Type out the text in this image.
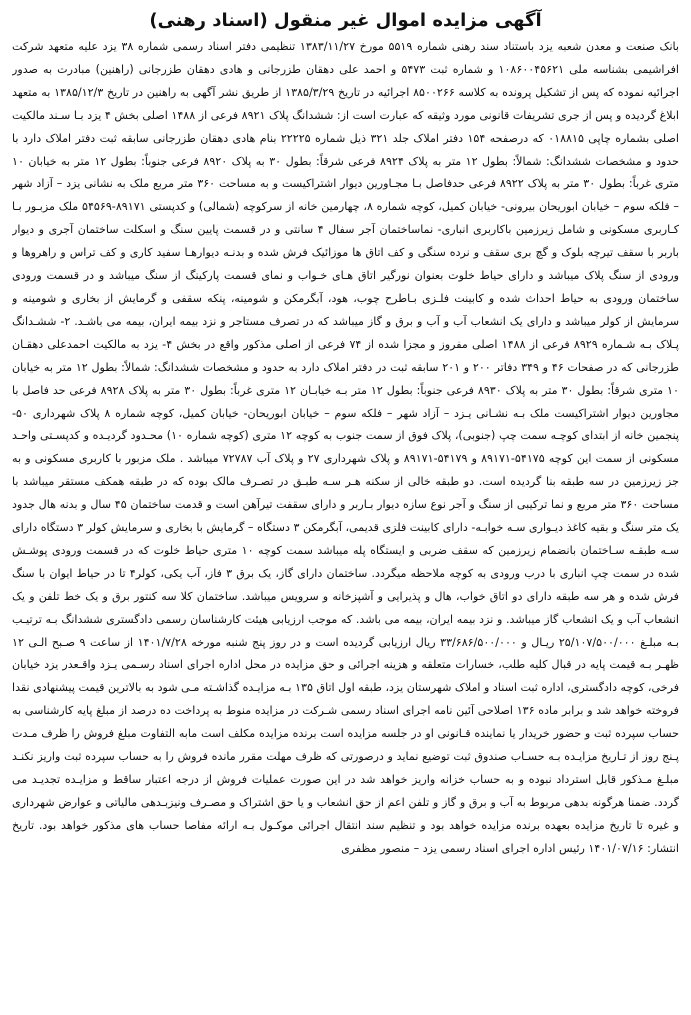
آگهی مزایده اموال غیر منقول (اسناد رهنی)

بانک صنعت و معدن شعبه یزد باستناد سند رهنی شماره ۵۵۱۹ مورخ ۱۳۸۳/۱۱/۲۷ تنظیمی دفتر اسناد رسمی شماره ۳۸ یزد علیه متعهد شرکت افراشیمی بشناسه ملی ۱۰۸۶۰۰۴۵۶۲۱ و شماره ثبت ۵۴۷۳ و احمد علی دهقان طزرجانی و هادی دهقان طزرجانی (راهنین) مبادرت به صدور اجرائیه نموده که پس از تشکیل پرونده به کلاسه ۸۵۰۰۲۶۶ اجرائیه در تاریخ ۱۳۸۵/۳/۲۹ از طریق نشر آگهی به راهنین در تاریخ ۱۳۸۵/۱۲/۳ به متعهد ابلاغ گردیده و پس از جری تشریفات قانونی مورد وثیقه که عبارت است از: ششدانگ پلاک ۸۹۲۱ فرعی از ۱۴۸۸ اصلی بخش ۴ یزد بـا سـند مالکیت اصلی بشماره چاپی ۰۱۸۸۱۵ که درصفحه ۱۵۴ دفتر املاک جلد ۳۲۱ ذیل شماره ۲۲۲۲۵ بنام هادی دهقان طزرجانی سابقه ثبت دفتر املاک دارد با حدود و مشخصات ششدانگ: شمالاً: بطول ۱۲ متر به پلاک ۸۹۲۴ فرعی شرقاً: بطول ۳۰ به پلاک ۸۹۲۰ فرعی جنوباً: بطول ۱۲ متر به خیابان ۱۰ متری غرباً: بطول ۳۰ متر به پلاک ۸۹۲۲ فرعی حدفاصل بـا مجـاورین دیوار اشتراکیست و به مساحت ۳۶۰ متر مربع ملک به نشانی یزد – آزاد شهر – فلکه سوم – خیابان ابوریحان بیرونی- خیابان کمیل، کوچه شماره ۸، چهارمین خانه از سرکوچه (شمالی) و کدپستی ۸۹۱۷۱-۵۴۵۶۹ ملک مزبـور بـا کـاربری مسکونی و شامل زیرزمین باکاربری انباری- نماساختمان آجر سفال ۴ سانتی و در قسمت پایین سنگ و اسکلت ساختمان آجری و دیوار باربر با سقف تیرچه بلوک و گچ بری سقف و نرده سنگی و کف اتاق ها موزائیک فرش شده و بدنـه دیوارهـا سفید کاری و کف تراس و راهروها و ورودی از سنگ پلاک میباشد و دارای حیاط خلوت بعنوان نورگیر اتاق هـای خـواب و نمای قسمت پارکینگ از سنگ میباشد و در قسمت ورودی ساختمان ورودی به حیاط احداث شده و کابینت فلـزی بـاطرح چوب، هود، آبگرمکن و شومینه، پنکه سقفی و گرمایش از بخاری و شومینه و سرمایش از کولر میباشد و دارای یک انشعاب آب و آب و برق و گاز میباشد که در تصرف مستاجر و نزد بیمه ایران، بیمه می باشـد. ۲- ششـدانگ پـلاک بـه شـماره ۸۹۲۹ فرعی از ۱۴۸۸ اصلی مفروز و مجزا شده از ۷۴ فرعی از اصلی مذکور واقع در بخش ۴- یزد به مالکیت احمدعلی دهقـان طزرجانی که در صفحات ۴۶ و ۳۴۹ دفاتر ۲۰۰ و ۲۰۱ سابقه ثبت در دفتر املاک دارد به حدود و مشخصات ششدانگ: شمالاً: بطول ۱۲ متر به خیابان ۱۰ متری شرقاً: بطول ۳۰ متر به پلاک ۸۹۳۰ فرعی جنوباً: بطول ۱۲ متر بـه خیابـان ۱۲ متری غرباً: بطول ۳۰ متر به پلاک ۸۹۲۸ فرعی حد فاصل با مجاورین دیوار اشتراکیست ملک بـه نشـانی یـزد – آزاد شهر – فلکه سوم – خیابان ابوریحان- خیابان کمیل، کوچه شماره ۸ پلاک شهرداری ۵۰- پنجمین خانه از ابتدای کوچـه سمت چپ (جنوبی)، پلاک فوق از سمت جنوب به کوچه ۱۲ متری (کوچه شماره ۱۰) محـدود گردیـده و کدپسـتی واحـد مسکونی از سمت این کوچه ۵۴۱۷۵-۸۹۱۷۱ و ۵۴۱۷۹-۸۹۱۷۱ و پلاک شهرداری ۲۷ و پلاک آب ۷۲۷۸۷ میباشد . ملک مزبور با کاربری مسکونی و به جز زیرزمین در سه طبقه بنا گردیده است. دو طبقه خالی از سکنه هـر سـه طبـق در تصـرف مالک بوده که در طبقه همکف مستقر میباشد با مساحت ۳۶۰ متر مربع و نما ترکیبی از سنگ و آجر نوع سازه دیوار بـاربر و دارای سقفت تیرآهن است و قدمت ساختمان ۴۵ سال و بدنه هال جدود یک متر سنگ و بقیه کاغذ دیـواری سـه خوابـه- دارای کابینت فلزی قدیمی، آبگرمکن ۳ دستگاه – گرمایش با بخاری و سرمایش کولر ۳ دستگاه دارای سـه طبقـه سـاختمان بانضمام زیرزمین که سقف ضربی و ایستگاه پله میباشد سمت کوچه ۱۰ متری حیاط خلوت که در قسمت ورودی پوشـش شده در سمت چپ انباری با درب ورودی به کوچه ملاحظه میگردد. ساختمان دارای گاز، یک برق ۳ فاز، آب یکی، کولر۴ تا در حیاط ایوان با سنگ فرش شده و هر سه طبقه دارای دو اتاق خواب، هال و پذیرایی و آشپزخانه و سرویس میباشد. ساختمان کلا سه کنتور برق و یک خط تلفن و یک انشعاب آب و یک انشعاب گاز میباشد. و نزد بیمه ایران، بیمه می باشد. که موجب ارزیابی هیئت کارشناسان رسمی دادگستری ششدانگ بـه ترتیـب بـه مبلـغ ۲۵/۱۰۷/۵۰۰/۰۰۰ ریـال و ۳۳/۶۸۶/۵۰۰/۰۰۰ ریال ارزیابی گردیده است و در روز پنج شنبه مورخه ۱۴۰۱/۷/۲۸ از ساعت ۹ صـبح الـی ۱۲ ظهـر بـه قیمت پایه در قبال کلیه طلب، خسارات متعلقه و هزینه اجرائی و حق مزایده در محل اداره اجرای اسناد رسـمی یـزد واقـعدر یزد خیابان فرخی، کوچه دادگستری، اداره ثبت اسناد و املاک شهرستان یزد، طبقه اول اتاق ۱۳۵ بـه مزایـده گذاشـته مـی شود به بالاترین قیمت پیشنهادی نقدا فروخته خواهد شد و برابر ماده ۱۳۶ اصلاحی آئین نامه اجرای اسناد رسمی شـرکت در مزایده منوط به پرداخت ده درصد از مبلغ پایه کارشناسی به حساب سپرده ثبت و حضور خریدار یا نماینده قـانونی او در جلسه مزایده است برنده مزایده مکلف است مابه التفاوت مبلغ فروش را ظرف مـدت پـنج روز از تـاریخ مزایـده بـه حسـاب صندوق ثبت توضیع نماید و درصورتی که ظرف مهلت مقرر مانده فروش را به حساب سپرده ثبت واریز نکنـد مبلـغ مـذکور قابل استرداد نبوده و به حساب خزانه واریز خواهد شد در این صورت عملیات فروش از درجه اعتبار ساقط و مزایـده تجدیـد می گردد. ضمنا هرگونه بدهی مربوط به آب و برق و گاز و تلفن اعم از حق انشعاب و یا حق اشتراک و مصـرف ونیزبـدهی مالیاتی و عوارض شهرداری و غیره تا تاریخ مزایده بعهده برنده مزایده خواهد بود و تنظیم سند انتقال اجرائی موکـول بـه ارائه مفاصا حساب های مذکور خواهد بود. تاریخ انتشار: ۱۴۰۱/۰۷/۱۶ رئیس اداره اجرای اسناد رسمی یزد – منصور مظفری
